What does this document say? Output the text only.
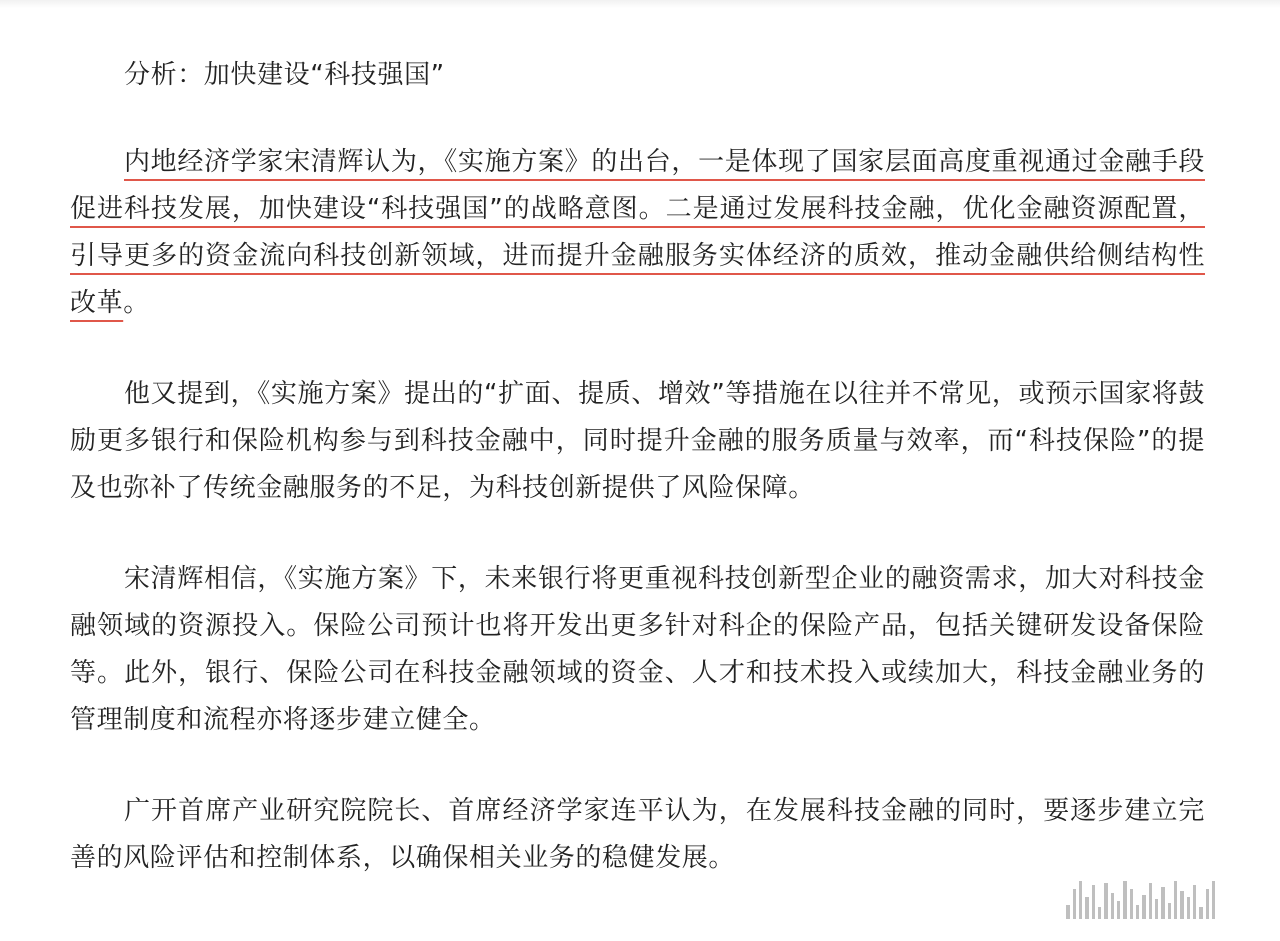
分析：加快建设“科技强国”

内地经济学家宋清辉认为，《实施方案》的出台，一是体现了国家层面高度重视通过金融手段促进科技发展，加快建设“科技强国”的战略意图。二是通过发展科技金融，优化金融资源配置，引导更多的资金流向科技创新领域，进而提升金融服务实体经济的质效，推动金融供给侧结构性改革。

他又提到，《实施方案》提出的“扩面、提质、增效”等措施在以往并不常见，或预示国家将鼓励更多银行和保险机构参与到科技金融中，同时提升金融的服务质量与效率，而“科技保险”的提及也弥补了传统金融服务的不足，为科技创新提供了风险保障。

宋清辉相信，《实施方案》下，未来银行将更重视科技创新型企业的融资需求，加大对科技金融领域的资源投入。保险公司预计也将开发出更多针对科企的保险产品，包括关键研发设备保险等。此外，银行、保险公司在科技金融领域的资金、人才和技术投入或续加大，科技金融业务的管理制度和流程亦将逐步建立健全。

广开首席产业研究院院长、首席经济学家连平认为，在发展科技金融的同时，要逐步建立完善的风险评估和控制体系，以确保相关业务的稳健发展。
